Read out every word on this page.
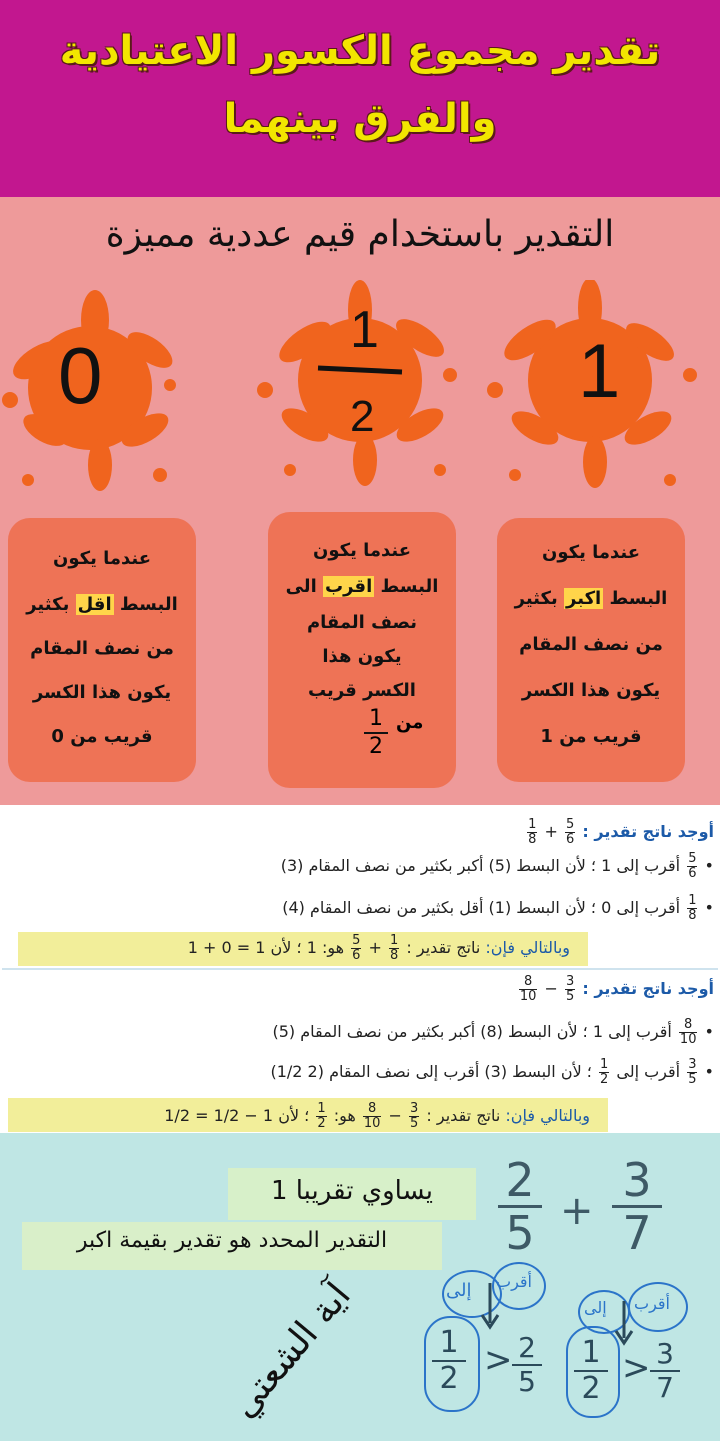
تقدير مجموع الكسور الاعتيادية
والفرق بينهما
التقدير باستخدام قيم عددية مميزة
0
1
2
1
عندما يكون
البسط اكبر بكثير
من نصف المقام
يكون هذا الكسر
قريب من 1
عندما يكون
البسط اقرب الى
نصف المقام
يكون هذا
الكسر قريب
من
$\frac{1}{2}$
عندما يكون
البسط اقل بكثير
من نصف المقام
يكون هذا الكسر
قريب من 0
أوجد ناتج تقدير :
$\frac{5}{6}$
+
$\frac{1}{8}$
•
$\frac{5}{6}$
أقرب إلى 1 ؛ لأن البسط (5) أكبر بكثير من نصف المقام (3)
•
$\frac{1}{8}$
أقرب إلى 0 ؛ لأن البسط (1) أقل بكثير من نصف المقام (4)
وبالتالي فإن: ناتج تقدير :
$\frac{1}{8}$
+
$\frac{5}{6}$
هو: 1 ؛ لأن 1 = 0 + 1
أوجد ناتج تقدير :
$\frac{3}{5}$
−
$\frac{8}{10}$
•
$\frac{8}{10}$
أقرب إلى 1 ؛ لأن البسط (8) أكبر بكثير من نصف المقام (5)
•
$\frac{3}{5}$
أقرب إلى
$\frac{1}{2}$
؛ لأن البسط (3) أقرب إلى نصف المقام (2 1/2)
وبالتالي فإن: ناتج تقدير :
$\frac{3}{5}$
−
$\frac{8}{10}$
هو:
$\frac{1}{2}$
؛ لأن 1 − 1/2 = 1/2
يساوي تقريبا 1
التقدير المحدد هو تقدير بقيمة اكبر
آية الشعتي
2
5 +
3
7
إلى أقرب
إلى أقرب
1
2 > 2
5
1
2
> 3
7
